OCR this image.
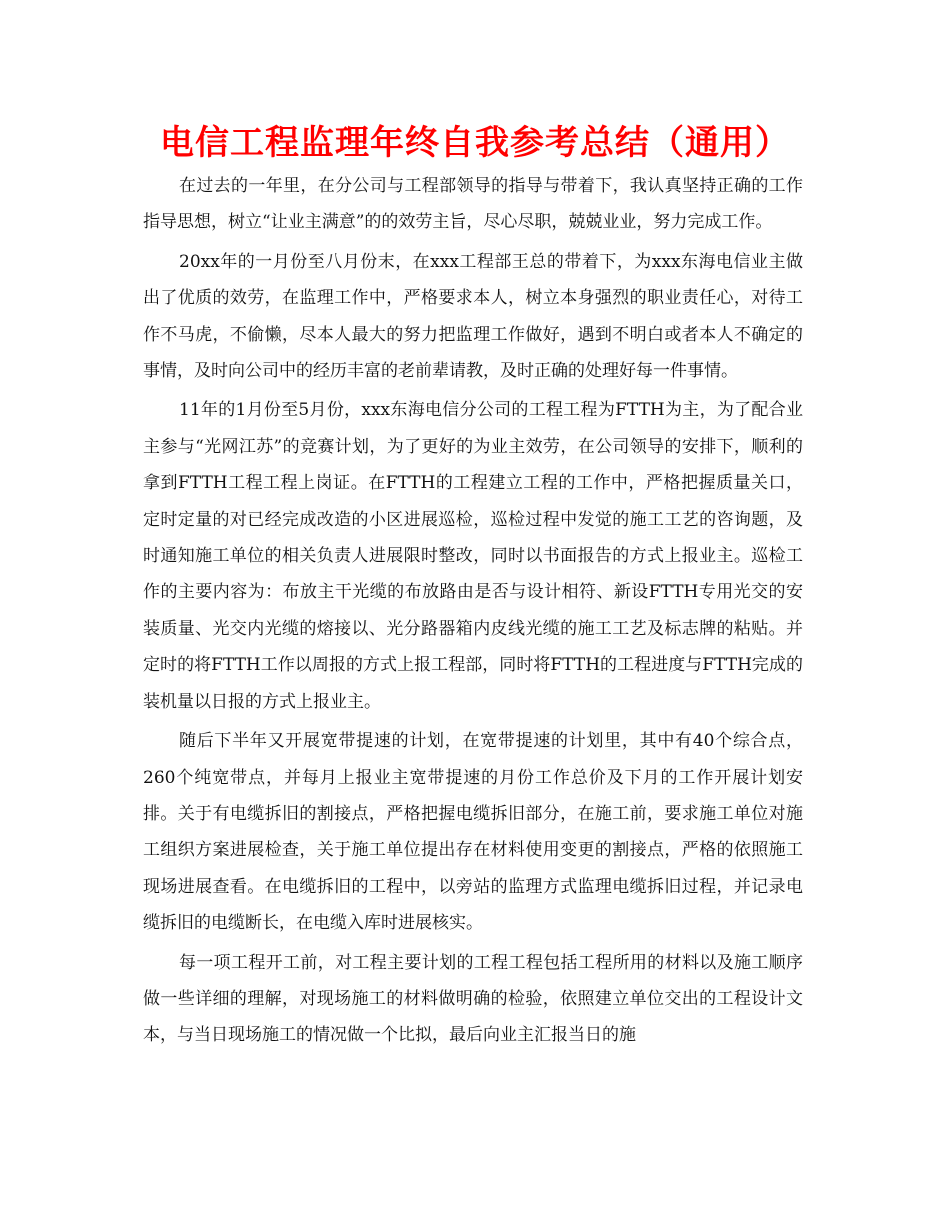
电信工程监理年终自我参考总结（通用）

在过去的一年里，在分公司与工程部领导的指导与带着下，我认真坚持正确的工作指导思想，树立“让业主满意”的的效劳主旨，尽心尽职，兢兢业业，努力完成工作。

20xx年的一月份至八月份末，在xxx工程部王总的带着下，为xxx东海电信业主做出了优质的效劳，在监理工作中，严格要求本人，树立本身强烈的职业责任心，对待工作不马虎，不偷懒，尽本人最大的努力把监理工作做好，遇到不明白或者本人不确定的事情，及时向公司中的经历丰富的老前辈请教，及时正确的处理好每一件事情。

11年的1月份至5月份，xxx东海电信分公司的工程工程为FTTH为主，为了配合业主参与“光网江苏”的竞赛计划，为了更好的为业主效劳，在公司领导的安排下，顺利的拿到FTTH工程工程上岗证。在FTTH的工程建立工程的工作中，严格把握质量关口，定时定量的对已经完成改造的小区进展巡检，巡检过程中发觉的施工工艺的咨询题，及时通知施工单位的相关负责人进展限时整改，同时以书面报告的方式上报业主。巡检工作的主要内容为：布放主干光缆的布放路由是否与设计相符、新设FTTH专用光交的安装质量、光交内光缆的熔接以、光分路器箱内皮线光缆的施工工艺及标志牌的粘贴。并定时的将FTTH工作以周报的方式上报工程部，同时将FTTH的工程进度与FTTH完成的装机量以日报的方式上报业主。

随后下半年又开展宽带提速的计划，在宽带提速的计划里，其中有40个综合点，260个纯宽带点，并每月上报业主宽带提速的月份工作总价及下月的工作开展计划安排。关于有电缆拆旧的割接点，严格把握电缆拆旧部分，在施工前，要求施工单位对施工组织方案进展检查，关于施工单位提出存在材料使用变更的割接点，严格的依照施工现场进展查看。在电缆拆旧的工程中，以旁站的监理方式监理电缆拆旧过程，并记录电缆拆旧的电缆断长，在电缆入库时进展核实。

每一项工程开工前，对工程主要计划的工程工程包括工程所用的材料以及施工顺序做一些详细的理解，对现场施工的材料做明确的检验，依照建立单位交出的工程设计文本，与当日现场施工的情况做一个比拟，最后向业主汇报当日的施
